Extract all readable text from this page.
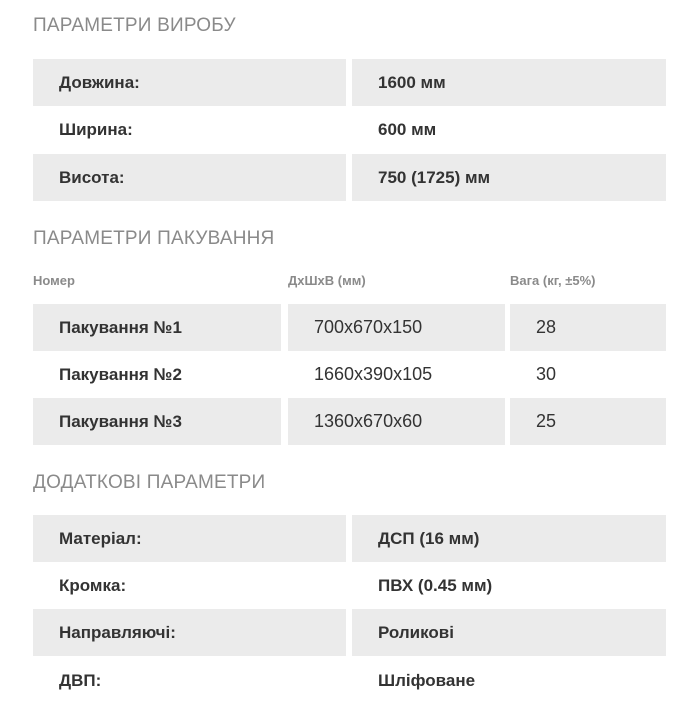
ПАРАМЕТРИ ВИРОБУ
Довжина:	1600 мм
Ширина:	600 мм
Висота:	750 (1725) мм
ПАРАМЕТРИ ПАКУВАННЯ
Номер	ДхШхВ (мм)	Вага (кг, ±5%)
Пакування №1	700x670x150	28
Пакування №2	1660x390x105	30
Пакування №3	1360x670x60	25
ДОДАТКОВІ ПАРАМЕТРИ
Матеріал:	ДСП (16 мм)
Кромка:	ПВХ (0.45 мм)
Направляючі:	Роликові
ДВП:	Шліфоване
